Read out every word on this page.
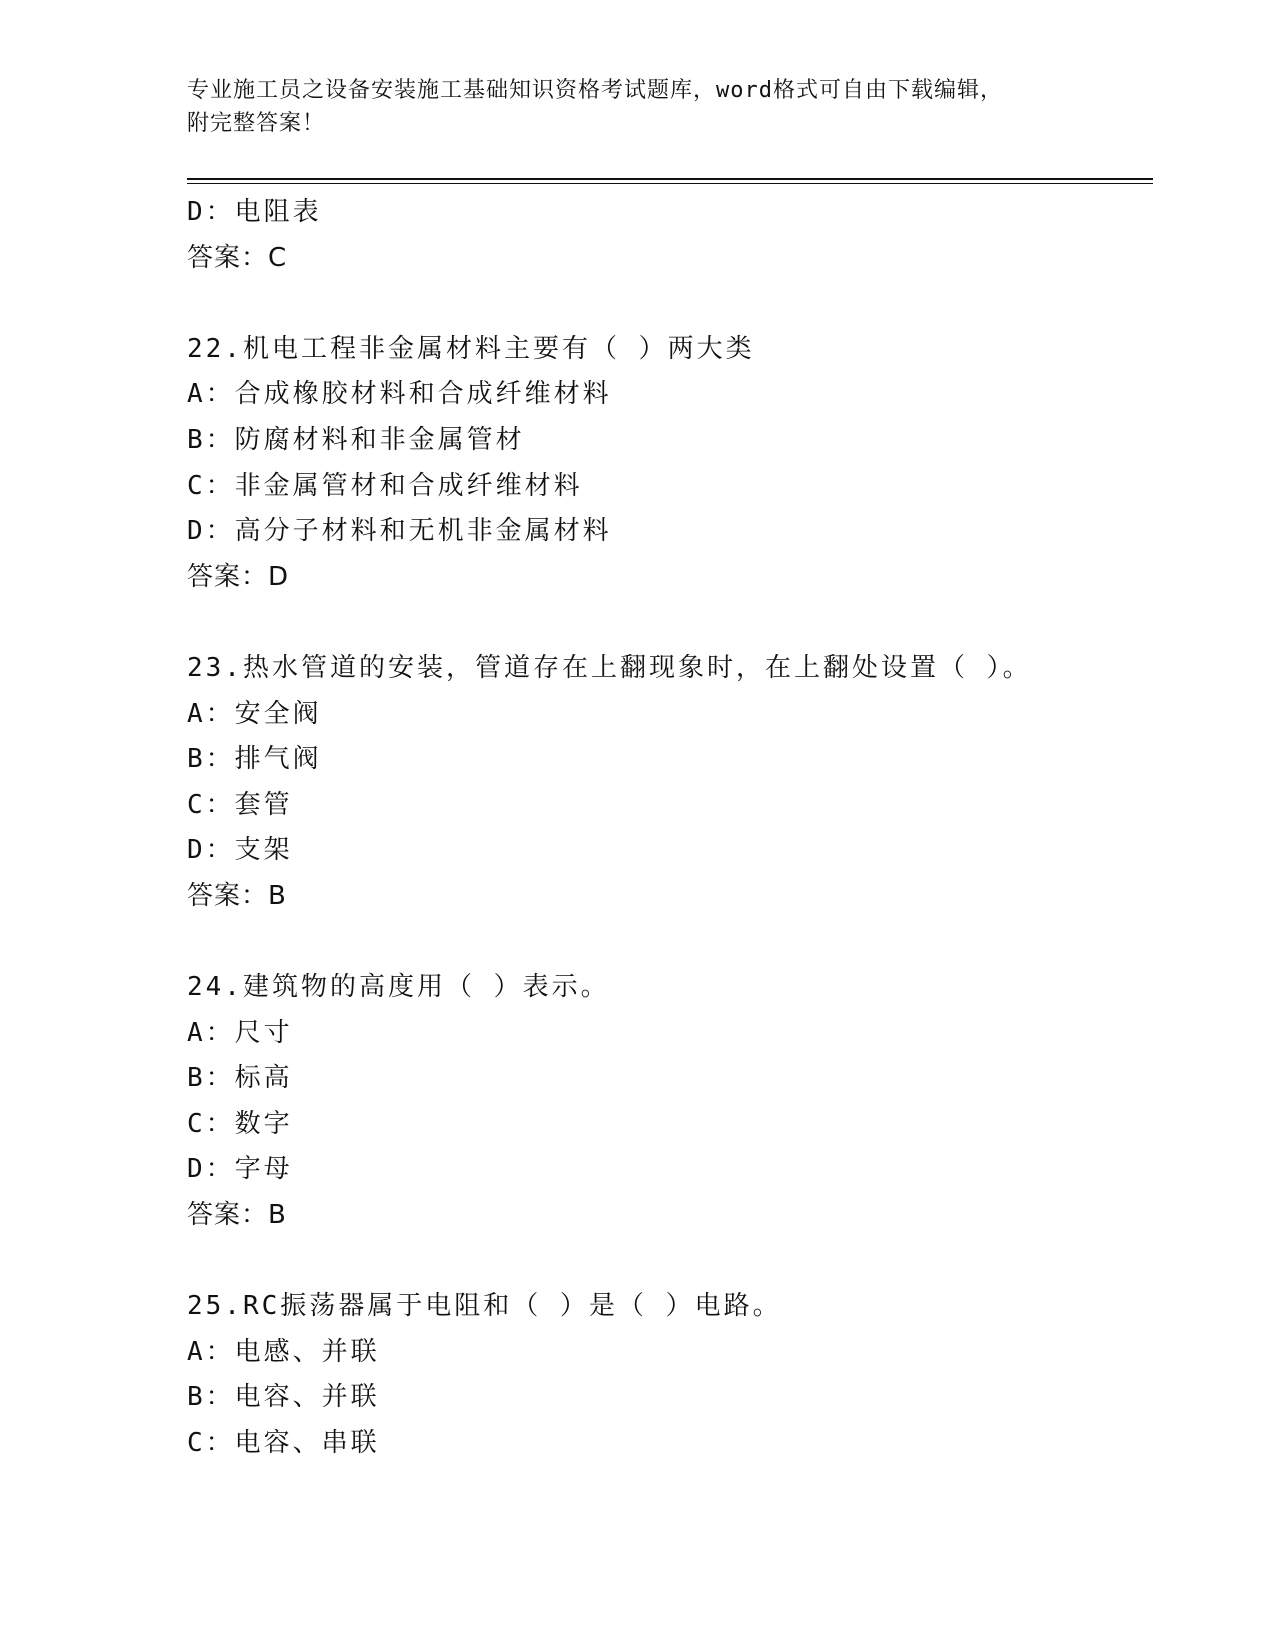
专业施工员之设备安装施工基础知识资格考试题库，word格式可自由下载编辑，
附完整答案！
D：电阻表
答案：C
22.机电工程非金属材料主要有（ ）两大类
A：合成橡胶材料和合成纤维材料
B：防腐材料和非金属管材
C：非金属管材和合成纤维材料
D：高分子材料和无机非金属材料
答案：D
23.热水管道的安装，管道存在上翻现象时，在上翻处设置（ ）。
A：安全阀
B：排气阀
C：套管
D：支架
答案：B
24.建筑物的高度用（ ）表示。
A：尺寸
B：标高
C：数字
D：字母
答案：B
25.RC振荡器属于电阻和（ ）是（ ）电路。
A：电感、并联
B：电容、并联
C：电容、串联
